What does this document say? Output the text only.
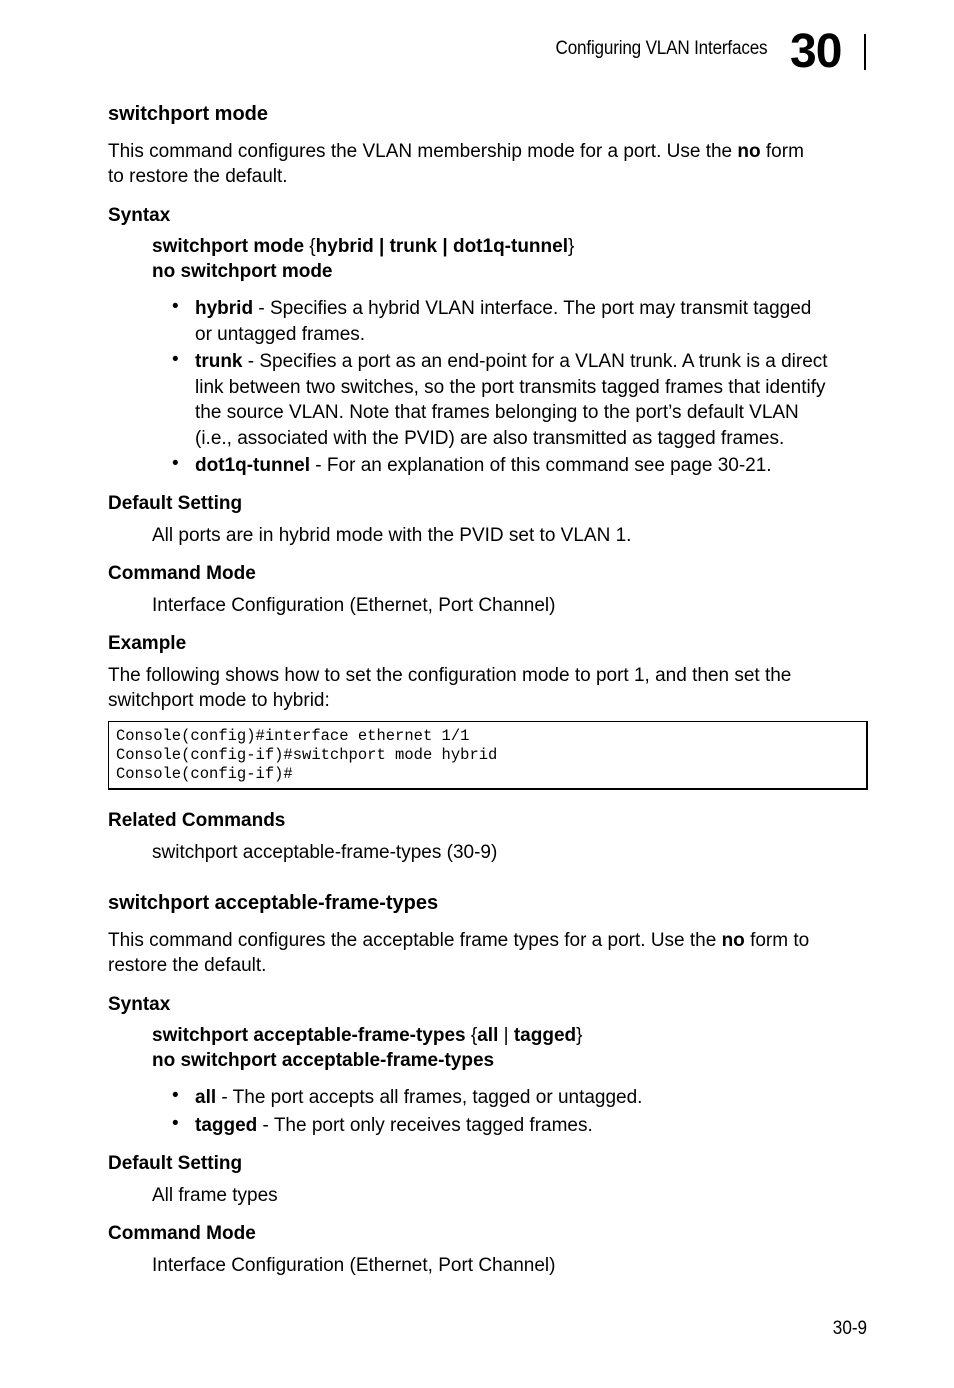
Configuring VLAN Interfaces 30
switchport mode
This command configures the VLAN membership mode for a port. Use the no form
to restore the default.
Syntax
switchport mode {hybrid | trunk | dot1q-tunnel}
no switchport mode
• hybrid - Specifies a hybrid VLAN interface. The port may transmit tagged
or untagged frames.
• trunk - Specifies a port as an end-point for a VLAN trunk. A trunk is a direct
link between two switches, so the port transmits tagged frames that identify
the source VLAN. Note that frames belonging to the port’s default VLAN
(i.e., associated with the PVID) are also transmitted as tagged frames.
• dot1q-tunnel - For an explanation of this command see page 30-21.
Default Setting
All ports are in hybrid mode with the PVID set to VLAN 1.
Command Mode
Interface Configuration (Ethernet, Port Channel)
Example
The following shows how to set the configuration mode to port 1, and then set the
switchport mode to hybrid:
Console(config)#interface ethernet 1/1
Console(config-if)#switchport mode hybrid
Console(config-if)#
Related Commands
switchport acceptable-frame-types (30-9)
switchport acceptable-frame-types
This command configures the acceptable frame types for a port. Use the no form to
restore the default.
Syntax
switchport acceptable-frame-types {all | tagged}
no switchport acceptable-frame-types
• all - The port accepts all frames, tagged or untagged.
• tagged - The port only receives tagged frames.
Default Setting
All frame types
Command Mode
Interface Configuration (Ethernet, Port Channel)
30-9
